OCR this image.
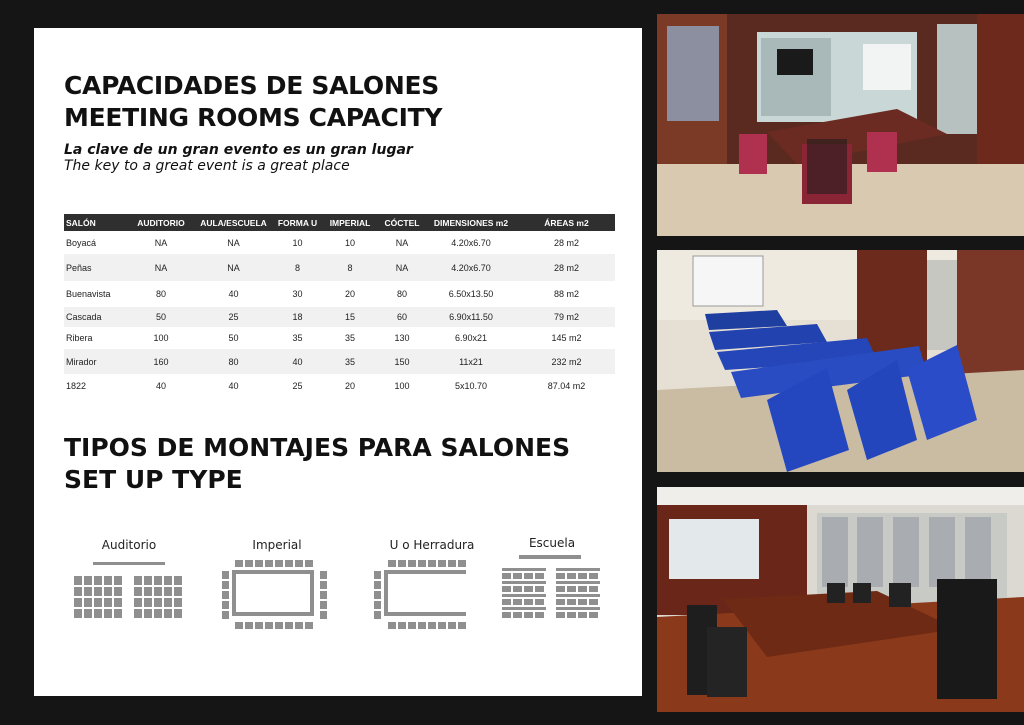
CAPACIDADES DE SALONES
MEETING ROOMS CAPACITY
La clave de un gran evento es un gran lugar
The key to a great event is a great place
SALÓN	AUDITORIO	AULA/ESCUELA	FORMA U	IMPERIAL	CÓCTEL	DIMENSIONES m2	ÁREAS m2
Boyacá	NA	NA	10	10	NA	4.20x6.70	28 m2
Peñas	NA	NA	8	8	NA	4.20x6.70	28 m2
Buenavista	80	40	30	20	80	6.50x13.50	88 m2
Cascada	50	25	18	15	60	6.90x11.50	79 m2
Ribera	100	50	35	35	130	6.90x21	145 m2
Mirador	160	80	40	35	150	11x21	232 m2
1822	40	40	25	20	100	5x10.70	87.04 m2
TIPOS DE MONTAJES PARA SALONES
SET UP TYPE
Auditorio	Imperial	U o Herradura	Escuela
